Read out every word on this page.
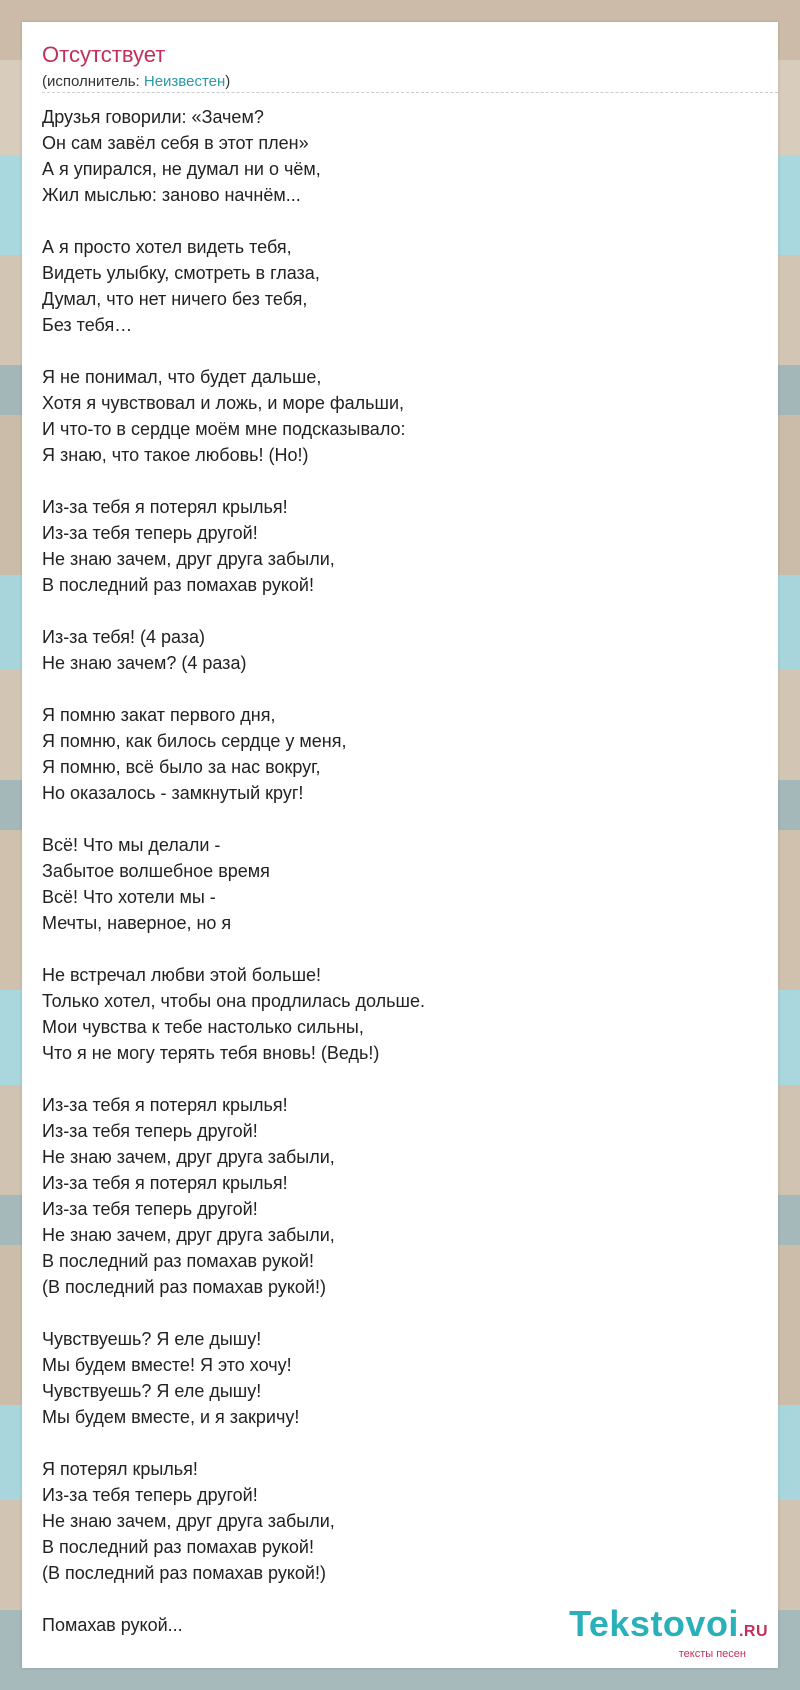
Отсутствует
(исполнитель: Неизвестен)
Друзья говорили: «Зачем?
Он сам завёл себя в этот плен»
А я упирался, не думал ни о чём,
Жил мыслью: заново начнём...
А я просто хотел видеть тебя,
Видеть улыбку, смотреть в глаза,
Думал, что нет ничего без тебя,
Без тебя…
Я не понимал, что будет дальше,
Хотя я чувствовал и ложь, и море фальши,
И что-то в сердце моём мне подсказывало:
Я знаю, что такое любовь! (Но!)
Из-за тебя я потерял крылья!
Из-за тебя теперь другой!
Не знаю зачем, друг друга забыли,
В последний раз помахав рукой!
Из-за тебя! (4 раза)
Не знаю зачем? (4 раза)
Я помню закат первого дня,
Я помню, как билось сердце у меня,
Я помню, всё было за нас вокруг,
Но оказалось - замкнутый круг!
Всё! Что мы делали -
Забытое волшебное время
Всё! Что хотели мы -
Мечты, наверное, но я
Не встречал любви этой больше!
Только хотел, чтобы она продлилась дольше.
Мои чувства к тебе настолько сильны,
Что я не могу терять тебя вновь! (Ведь!)
Из-за тебя я потерял крылья!
Из-за тебя теперь другой!
Не знаю зачем, друг друга забыли,
Из-за тебя я потерял крылья!
Из-за тебя теперь другой!
Не знаю зачем, друг друга забыли,
В последний раз помахав рукой!
(В последний раз помахав рукой!)
Чувствуешь? Я еле дышу!
Мы будем вместе! Я это хочу!
Чувствуешь? Я еле дышу!
Мы будем вместе, и я закричу!
Я потерял крылья!
Из-за тебя теперь другой!
Не знаю зачем, друг друга забыли,
В последний раз помахав рукой!
(В последний раз помахав рукой!)
Помахав рукой...	Tekstovoi.RU
тексты песен
